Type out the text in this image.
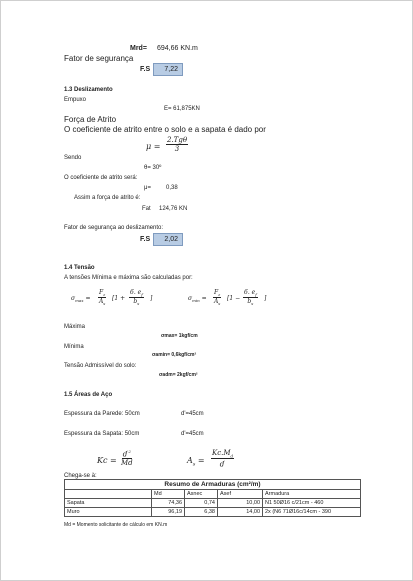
Mrd= 694,66 KN.m
Fator de segurança
F.S	7,22
1.3 Deslizamento
Empuxo
E= 61,875KN
Força de Atrito
O coeficiente de atrito entre o solo e a sapata é dado por
μ =
2.Tgθ
3
Sendo
θ= 30º
O coeficiente de atrito será:
μ=	0,38
Assim a força de atrito é:
Fat 124,76 KN
Fator de segurança ao deslizamento:
F.S	2,02
1.4 Tensão
A tensões Mínima e máxima são calculadas por:
$\sigma_{max} = \frac{F_z}{A_s} [1 + \frac{6. e_f}{b_s}$ ]	$\sigma_{min} = \frac{F_z}{A_s} [1 - \frac{6. e_f}{b_s}$ ]
Máxima
σmax= 1kgf/cm
Mínima
σamin= 0,6kgf/cm²
Tensão Admissível do solo:
σadm= 2kgf/cm²
1.5 Áreas de Aço
Espessura da Parede: 50cm	d'=45cm
Espessura da Sapata: 50cm	d'=45cm
$Kc = \frac{d^{'2}}{Md}$	$A_s = \frac{Kc.M_d}{d'}$
Chega-se à:
Resumo de Armaduras (cm²/m)				
	Md	Asnec	Asef	Armadura
Sapata	74,36	0,74	10,00	N1 50Ø16 c/21cm - 460
Muro	96,19	6,38	14,00	2x (N6 71Ø16c/14cm - 390
Md = Momento solicitante de cálculo em KN.m
